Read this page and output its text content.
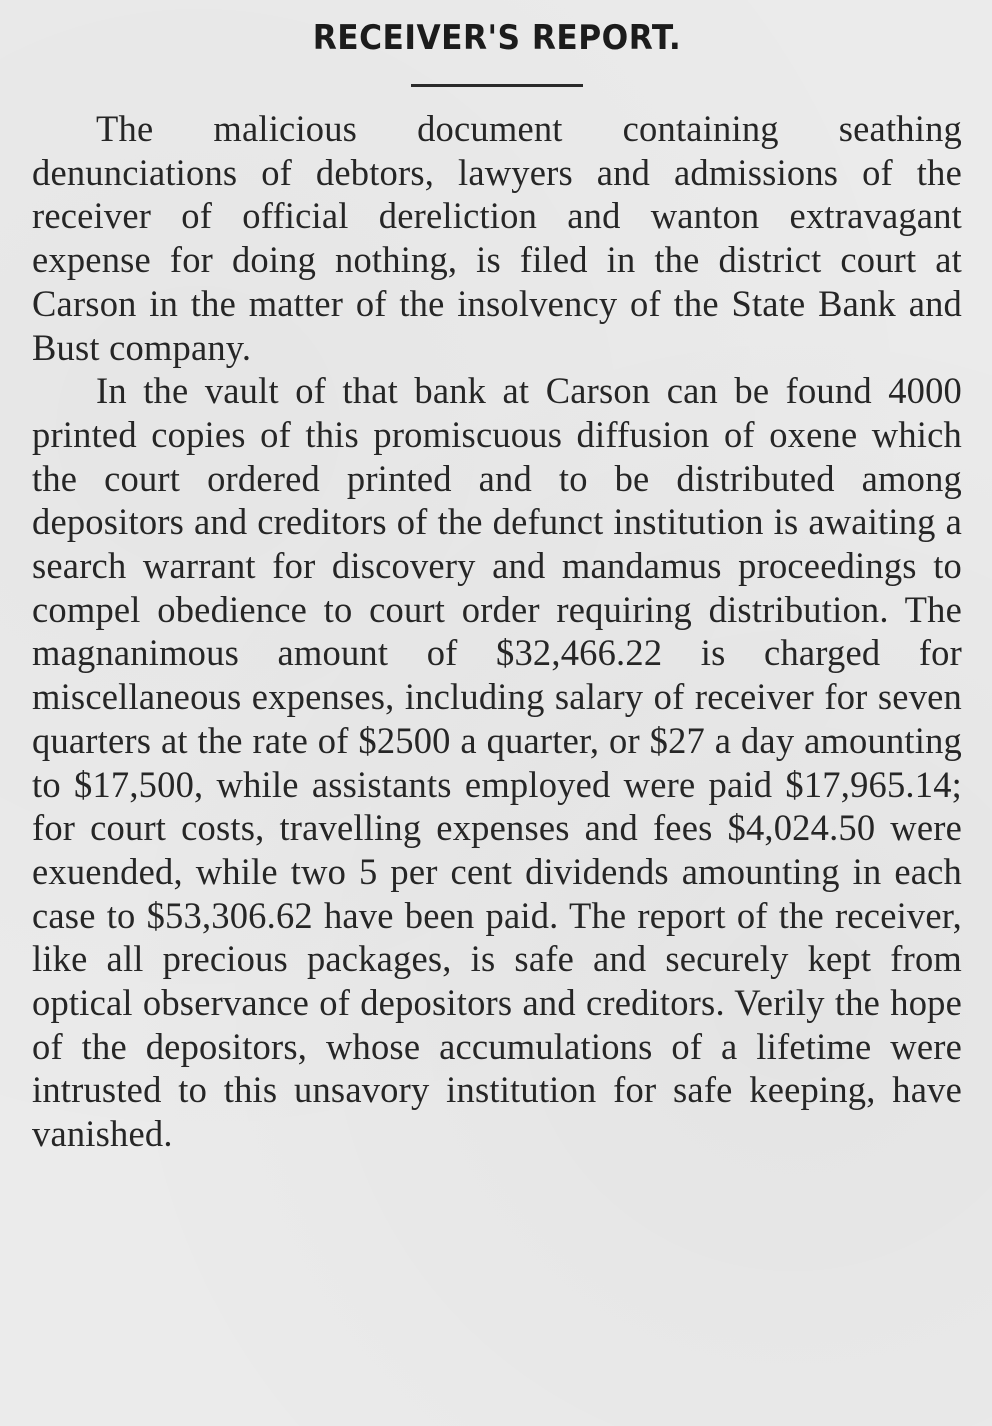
RECEIVER'S REPORT.

The malicious document containing seathing denunciations of debtors, lawyers and admissions of the receiver of official dereliction and wanton extravagant expense for doing nothing, is filed in the district court at Carson in the matter of the insolvency of the State Bank and Bust company.

In the vault of that bank at Carson can be found 4000 printed copies of this promiscuous diffusion of oxene which the court ordered printed and to be distributed among depositors and creditors of the defunct institution is awaiting a search warrant for discovery and mandamus proceedings to compel obedience to court order requiring distribution. The magnanimous amount of $32,466.22 is charged for miscellaneous expenses, including salary of receiver for seven quarters at the rate of $2500 a quarter, or $27 a day amounting to $17,500, while assistants employed were paid $17,965.14; for court costs, travelling expenses and fees $4,024.50 were exuended, while two 5 per cent dividends amounting in each case to $53,306.62 have been paid. The report of the receiver, like all precious packages, is safe and securely kept from optical observance of depositors and creditors. Verily the hope of the depositors, whose accumulations of a lifetime were intrusted to this unsavory institution for safe keeping, have vanished.
